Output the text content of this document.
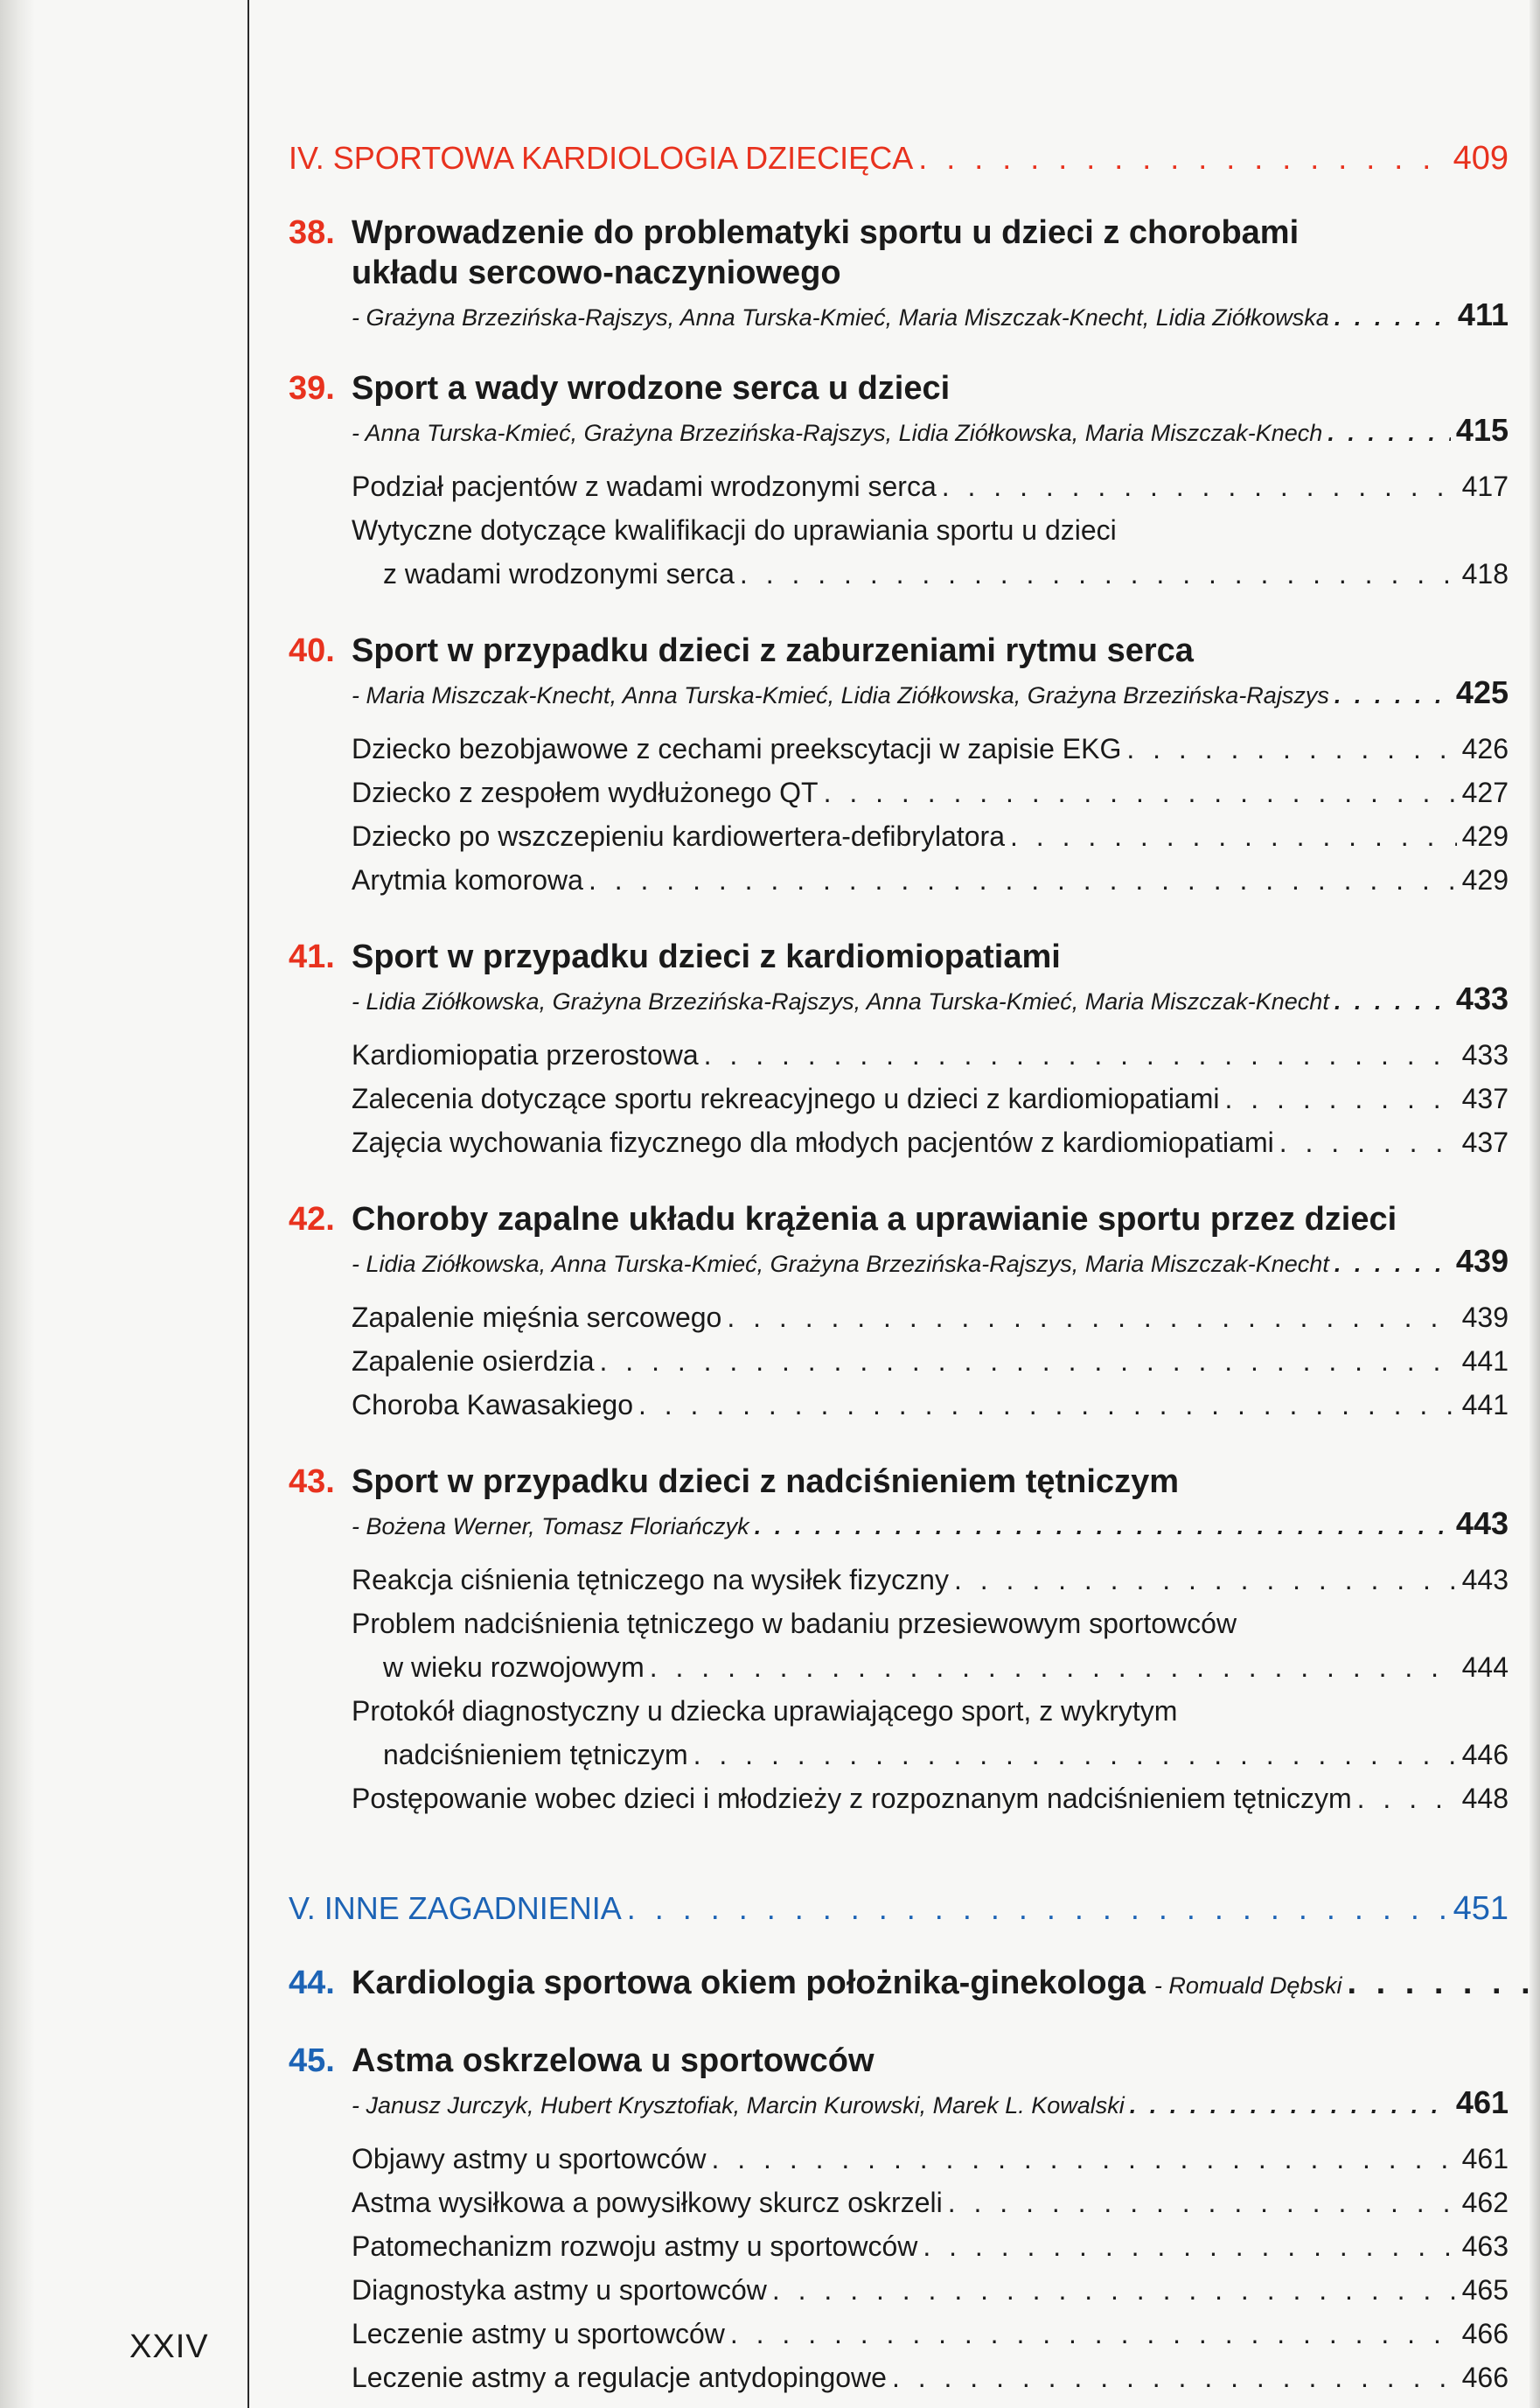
IV. SPORTOWA KARDIOLOGIA DZIECIĘCA . . .	409
38. Wprowadzenie do problematyki sportu u dzieci z chorobami
układu sercowo-naczyniowego
- Grażyna Brzezińska-Rajszys, Anna Turska-Kmieć, Maria Miszczak-Knecht, Lidia Ziółkowska . . .	411
39. Sport a wady wrodzone serca u dzieci
- Anna Turska-Kmieć, Grażyna Brzezińska-Rajszys, Lidia Ziółkowska, Maria Miszczak-Knech . . .	415
Podział pacjentów z wadami wrodzonymi serca . . .	417
Wytyczne dotyczące kwalifikacji do uprawiania sportu u dzieci
z wadami wrodzonymi serca . . .	418
40. Sport w przypadku dzieci z zaburzeniami rytmu serca
- Maria Miszczak-Knecht, Anna Turska-Kmieć, Lidia Ziółkowska, Grażyna Brzezińska-Rajszys . . .	425
Dziecko bezobjawowe z cechami preekscytacji w zapisie EKG . . .	426
Dziecko z zespołem wydłużonego QT . . .	427
Dziecko po wszczepieniu kardiowertera-defibrylatora . . .	429
Arytmia komorowa . . .	429
41. Sport w przypadku dzieci z kardiomiopatiami
- Lidia Ziółkowska, Grażyna Brzezińska-Rajszys, Anna Turska-Kmieć, Maria Miszczak-Knecht . . .	433
Kardiomiopatia przerostowa . . .	433
Zalecenia dotyczące sportu rekreacyjnego u dzieci z kardiomiopatiami . . .	437
Zajęcia wychowania fizycznego dla młodych pacjentów z kardiomiopatiami . . .	437
42. Choroby zapalne układu krążenia a uprawianie sportu przez dzieci
- Lidia Ziółkowska, Anna Turska-Kmieć, Grażyna Brzezińska-Rajszys, Maria Miszczak-Knecht . . .	439
Zapalenie mięśnia sercowego . . .	439
Zapalenie osierdzia . . .	441
Choroba Kawasakiego . . .	441
43. Sport w przypadku dzieci z nadciśnieniem tętniczym
- Bożena Werner, Tomasz Floriańczyk . . .	443
Reakcja ciśnienia tętniczego na wysiłek fizyczny . . .	443
Problem nadciśnienia tętniczego w badaniu przesiewowym sportowców
w wieku rozwojowym . . .	444
Protokół diagnostyczny u dziecka uprawiającego sport, z wykrytym
nadciśnieniem tętniczym . . .	446
Postępowanie wobec dzieci i młodzieży z rozpoznanym nadciśnieniem tętniczym . . .	448
V. INNE ZAGADNIENIA . . .	451
44. Kardiologia sportowa okiem położnika-ginekologa - Romuald Dębski
. . .
45. Astma oskrzelowa u sportowców
- Janusz Jurczyk, Hubert Krysztofiak, Marcin Kurowski, Marek L. Kowalski . . .	461
Objawy astmy u sportowców . . .	461
Astma wysiłkowa a powysiłkowy skurcz oskrzeli . . .	462
Patomechanizm rozwoju astmy u sportowców . . .	463
Diagnostyka astmy u sportowców . . .	465
Leczenie astmy u sportowców . . .	466
Leczenie astmy a regulacje antydopingowe . . .	466
XXIV
